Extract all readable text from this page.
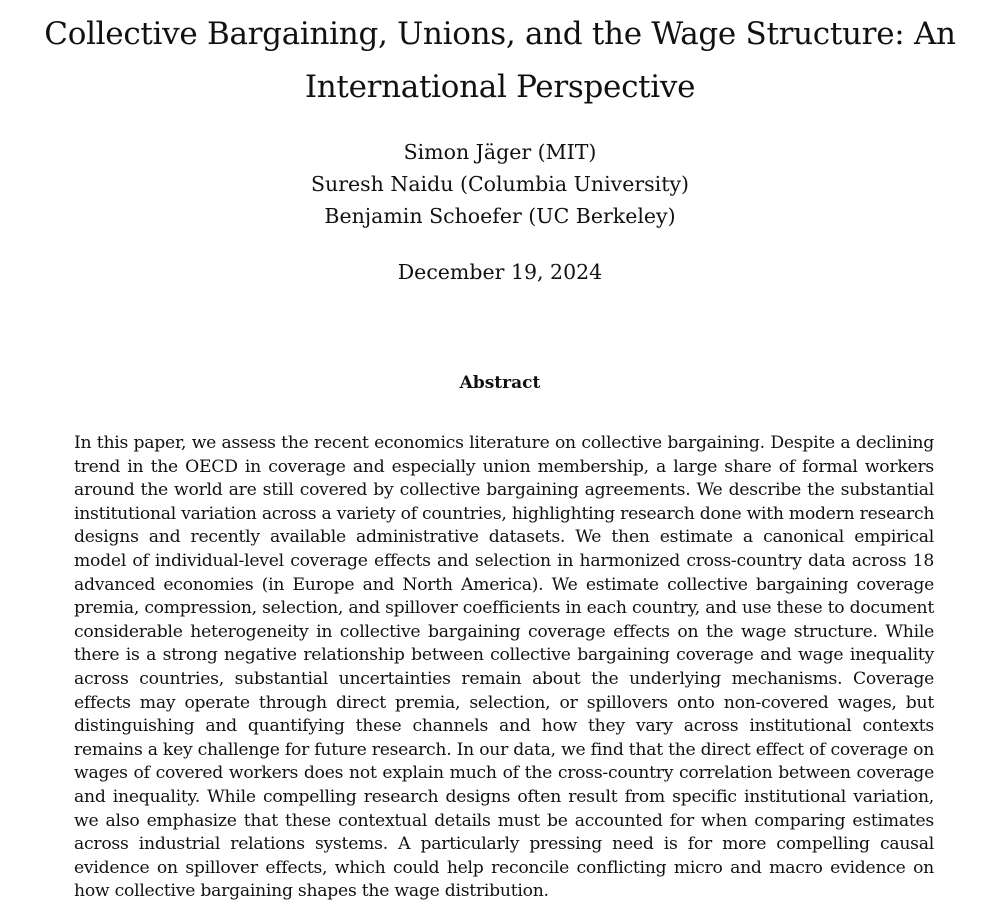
Collective Bargaining, Unions, and the Wage Structure: An
International Perspective
Simon Jäger (MIT)
Suresh Naidu (Columbia University)
Benjamin Schoefer (UC Berkeley)
December 19, 2024
Abstract
In this paper, we assess the recent economics literature on collective bargaining. Despite a declining
trend in the OECD in coverage and especially union membership, a large share of formal workers
around the world are still covered by collective bargaining agreements. We describe the substantial
institutional variation across a variety of countries, highlighting research done with modern research
designs and recently available administrative datasets. We then estimate a canonical empirical
model of individual-level coverage effects and selection in harmonized cross-country data across 18
advanced economies (in Europe and North America). We estimate collective bargaining coverage
premia, compression, selection, and spillover coefficients in each country, and use these to document
considerable heterogeneity in collective bargaining coverage effects on the wage structure. While
there is a strong negative relationship between collective bargaining coverage and wage inequality
across countries, substantial uncertainties remain about the underlying mechanisms. Coverage
effects may operate through direct premia, selection, or spillovers onto non-covered wages, but
distinguishing and quantifying these channels and how they vary across institutional contexts
remains a key challenge for future research. In our data, we find that the direct effect of coverage on
wages of covered workers does not explain much of the cross-country correlation between coverage
and inequality. While compelling research designs often result from specific institutional variation,
we also emphasize that these contextual details must be accounted for when comparing estimates
across industrial relations systems. A particularly pressing need is for more compelling causal
evidence on spillover effects, which could help reconcile conflicting micro and macro evidence on
how collective bargaining shapes the wage distribution.
